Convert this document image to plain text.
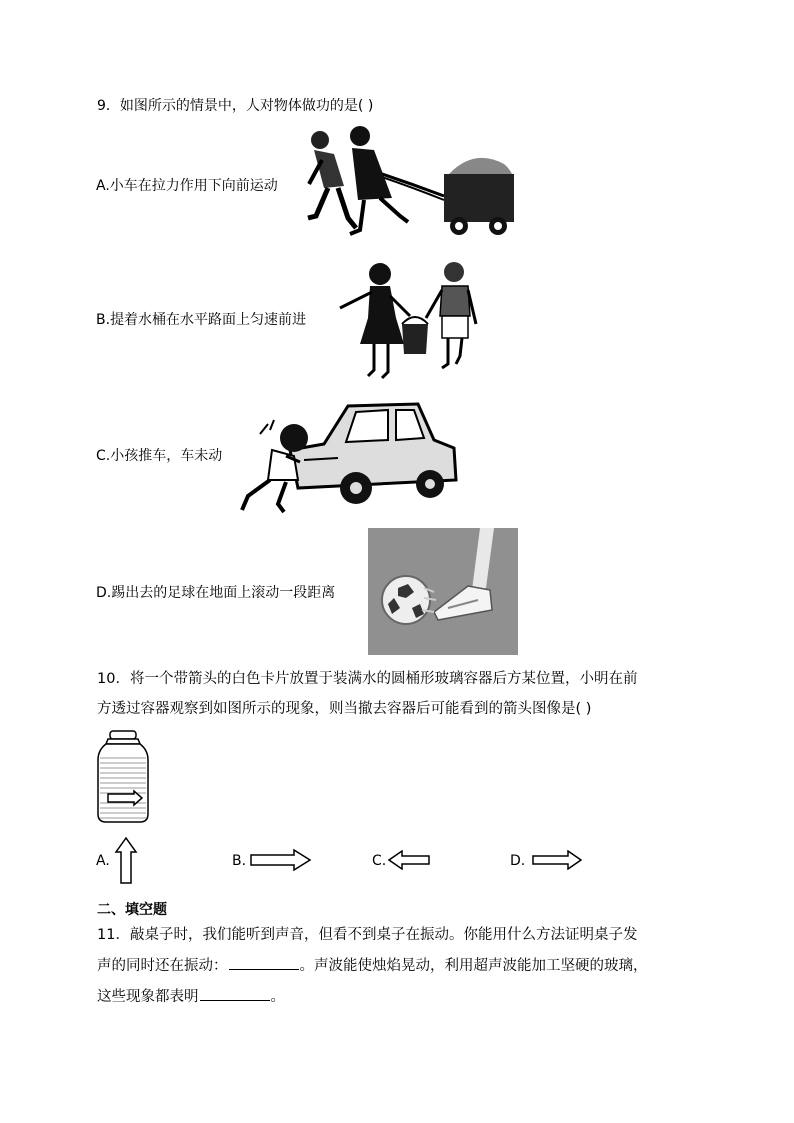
9．如图所示的情景中，人对物体做功的是( )
A.小车在拉力作用下向前运动
B.提着水桶在水平路面上匀速前进
C.小孩推车，车未动
D.踢出去的足球在地面上滚动一段距离
10．将一个带箭头的白色卡片放置于装满水的圆桶形玻璃容器后方某位置，小明在前
方透过容器观察到如图所示的现象，则当撤去容器后可能看到的箭头图像是( )
A.	B.	C.	D.
二、填空题
11．敲桌子时，我们能听到声音，但看不到桌子在振动。你能用什么方法证明桌子发
声的同时还在振动：	。声波能使烛焰晃动，利用超声波能加工坚硬的玻璃，
这些现象都表明	。
